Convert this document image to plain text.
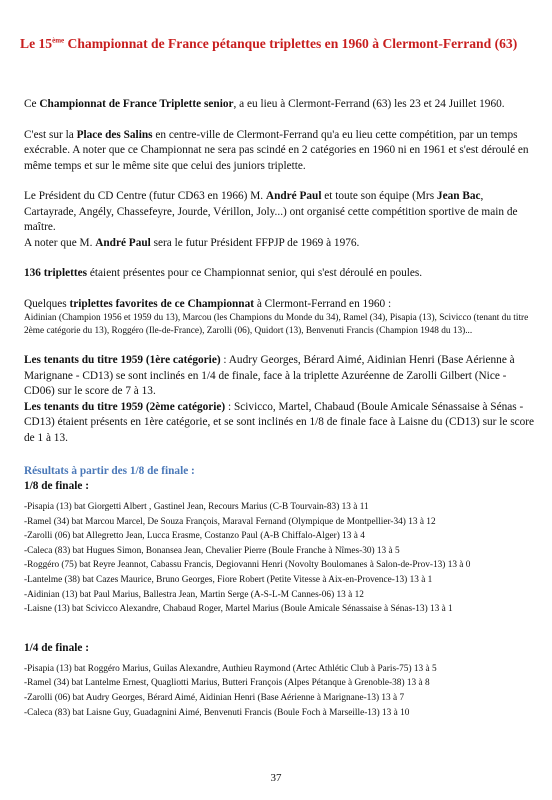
Le 15ème Championnat de France pétanque triplettes en 1960 à Clermont-Ferrand (63)

Ce Championnat de France Triplette senior, a eu lieu à Clermont-Ferrand (63) les 23 et 24 Juillet 1960.

C'est sur la Place des Salins en centre-ville de Clermont-Ferrand qu'a eu lieu cette compétition, par un temps exécrable. A noter que ce Championnat ne sera pas scindé en 2 catégories en 1960 ni en 1961 et s'est déroulé en même temps et sur le même site que celui des juniors triplette.

Le Président du CD Centre (futur CD63 en 1966) M. André Paul et toute son équipe (Mrs Jean Bac, Cartayrade, Angély, Chassefeyre, Jourde, Vérillon, Joly...) ont organisé cette compétition sportive de main de maître.

A noter que M. André Paul sera le futur Président FFPJP de 1969 à 1976.

136 triplettes étaient présentes pour ce Championnat senior, qui s'est déroulé en poules.

Quelques triplettes favorites de ce Championnat à Clermont-Ferrand en 1960 :

Aidinian (Champion 1956 et 1959 du 13), Marcou (les Champions du Monde du 34), Ramel (34), Pisapia (13), Scivicco (tenant du titre 2ème catégorie du 13), Roggéro (Ile-de-France), Zarolli (06), Quidort (13), Benvenuti Francis (Champion 1948 du 13)...

Les tenants du titre 1959 (1ère catégorie) : Audry Georges, Bérard Aimé, Aidinian Henri (Base Aérienne à Marignane - CD13) se sont inclinés en 1/4 de finale, face à la triplette Azuréenne de Zarolli Gilbert (Nice - CD06) sur le score de 7 à 13.

Les tenants du titre 1959 (2ème catégorie) : Scivicco, Martel, Chabaud (Boule Amicale Sénassaise à Sénas - CD13) étaient présents en 1ère catégorie, et se sont inclinés en 1/8 de finale face à Laisne du (CD13) sur le score de 1 à 13.

Résultats à partir des 1/8 de finale :

1/8 de finale :

-Pisapia (13) bat Giorgetti Albert , Gastinel Jean, Recours Marius (C-B Tourvain-83) 13 à 11
-Ramel (34) bat Marcou Marcel, De Souza François, Maraval Fernand (Olympique de Montpellier-34) 13 à 12
-Zarolli (06) bat Allegretto Jean, Lucca Erasme, Costanzo Paul (A-B Chiffalo-Alger) 13 à 4
-Caleca (83) bat Hugues Simon, Bonansea Jean, Chevalier Pierre (Boule Franche à Nîmes-30) 13 à 5
-Roggéro (75) bat Reyre Jeannot, Cabassu Francis, Degiovanni Henri (Novolty Boulomanes à Salon-de-Prov-13) 13 à 0
-Lantelme (38) bat Cazes Maurice, Bruno Georges, Fiore Robert (Petite Vitesse à Aix-en-Provence-13) 13 à 1
-Aidinian (13) bat Paul Marius, Ballestra Jean, Martin Serge (A-S-L-M Cannes-06) 13 à 12
-Laisne (13) bat Scivicco Alexandre, Chabaud Roger, Martel Marius (Boule Amicale Sénassaise à Sénas-13) 13 à 1

1/4 de finale :

-Pisapia (13) bat Roggéro Marius, Guilas Alexandre, Authieu Raymond (Artec Athlétic Club à Paris-75) 13 à 5
-Ramel (34) bat Lantelme Ernest, Quagliotti Marius, Butteri François (Alpes Pétanque à Grenoble-38) 13 à 8
-Zarolli (06) bat Audry Georges, Bérard Aimé, Aidinian Henri (Base Aérienne à Marignane-13) 13 à 7
-Caleca (83) bat Laisne Guy, Guadagnini Aimé, Benvenuti Francis (Boule Foch à Marseille-13) 13 à 10
37
